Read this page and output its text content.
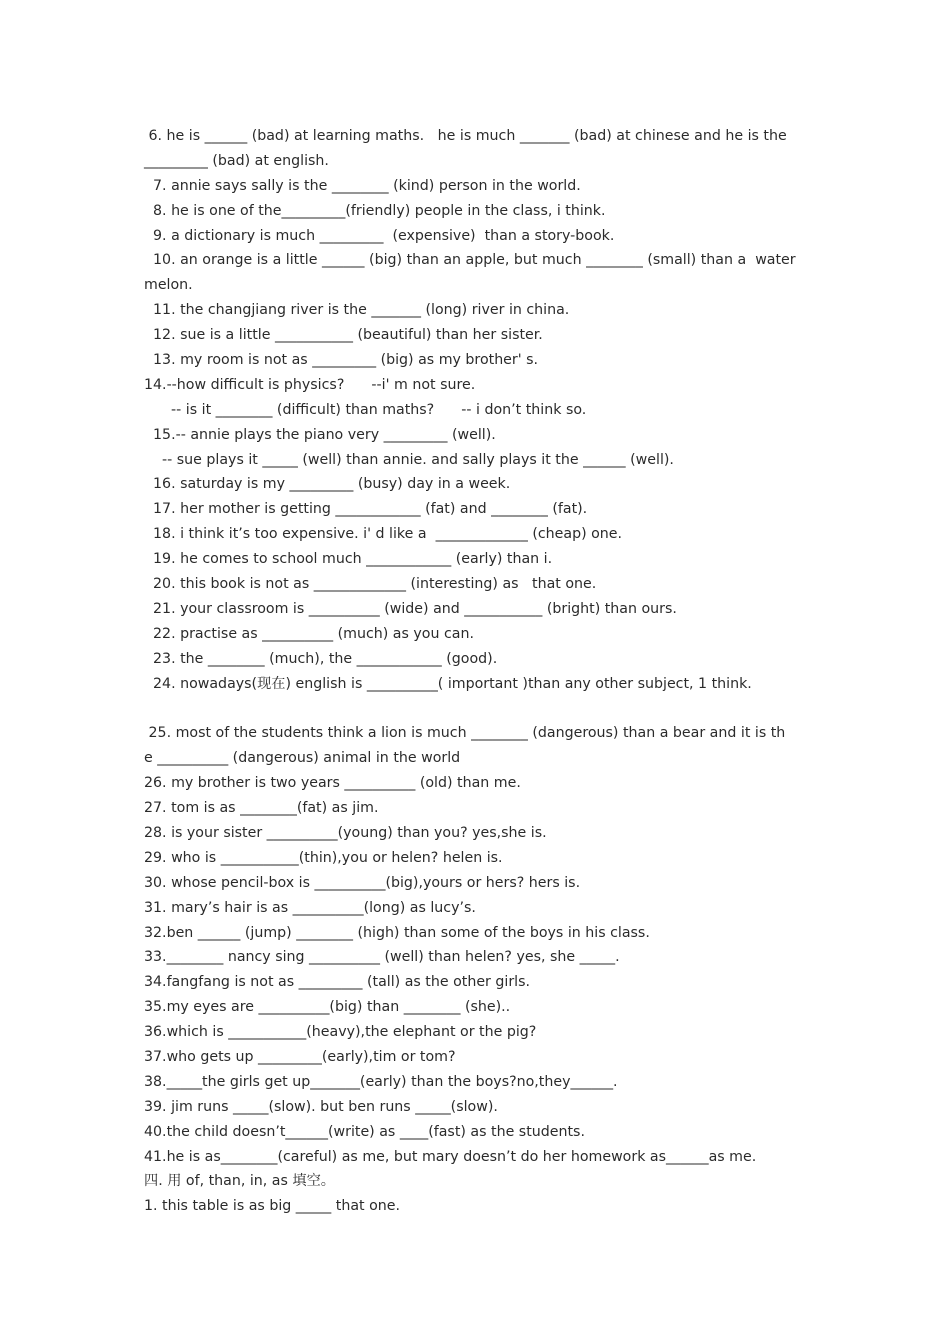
6. he is ______ (bad) at learning maths.   he is much _______ (bad) at chinese and he is the
_________ (bad) at english.
7. annie says sally is the ________ (kind) person in the world.
8. he is one of the_________(friendly) people in the class, i think.
9. a dictionary is much _________  (expensive)  than a story-book.
10. an orange is a little ______ (big) than an apple, but much ________ (small) than a  water
melon.
11. the changjiang river is the _______ (long) river in china.
12. sue is a little ___________ (beautiful) than her sister.
13. my room is not as _________ (big) as my brother' s.
14.--how difficult is physics?      --i' m not sure.
-- is it ________ (difficult) than maths?      -- i don’t think so.
15.-- annie plays the piano very _________ (well).
-- sue plays it _____ (well) than annie. and sally plays it the ______ (well).
16. saturday is my _________ (busy) day in a week.
17. her mother is getting ____________ (fat) and ________ (fat).
18. i think it’s too expensive. i' d like a  _____________ (cheap) one.
19. he comes to school much ____________ (early) than i.
20. this book is not as _____________ (interesting) as   that one.
21. your classroom is __________ (wide) and ___________ (bright) than ours.
22. practise as __________ (much) as you can.
23. the ________ (much), the ____________ (good).
24. nowadays(现在) english is __________( important )than any other subject, 1 think.
25. most of the students think a lion is much ________ (dangerous) than a bear and it is th
e __________ (dangerous) animal in the world
26. my brother is two years __________ (old) than me.
27. tom is as ________(fat) as jim.
28. is your sister __________(young) than you? yes,she is.
29. who is ___________(thin),you or helen? helen is.
30. whose pencil-box is __________(big),yours or hers? hers is.
31. mary’s hair is as __________(long) as lucy’s.
32.ben ______ (jump) ________ (high) than some of the boys in his class.
33.________ nancy sing __________ (well) than helen? yes, she _____.
34.fangfang is not as _________ (tall) as the other girls.
35.my eyes are __________(big) than ________ (she)..
36.which is ___________(heavy),the elephant or the pig?
37.who gets up _________(early),tim or tom?
38._____the girls get up_______(early) than the boys?no,they______.
39. jim runs _____(slow). but ben runs _____(slow).
40.the child doesn’t______(write) as ____(fast) as the students.
41.he is as________(careful) as me, but mary doesn’t do her homework as______as me.
四. 用 of, than, in, as 填空。
1. this table is as big _____ that one.
